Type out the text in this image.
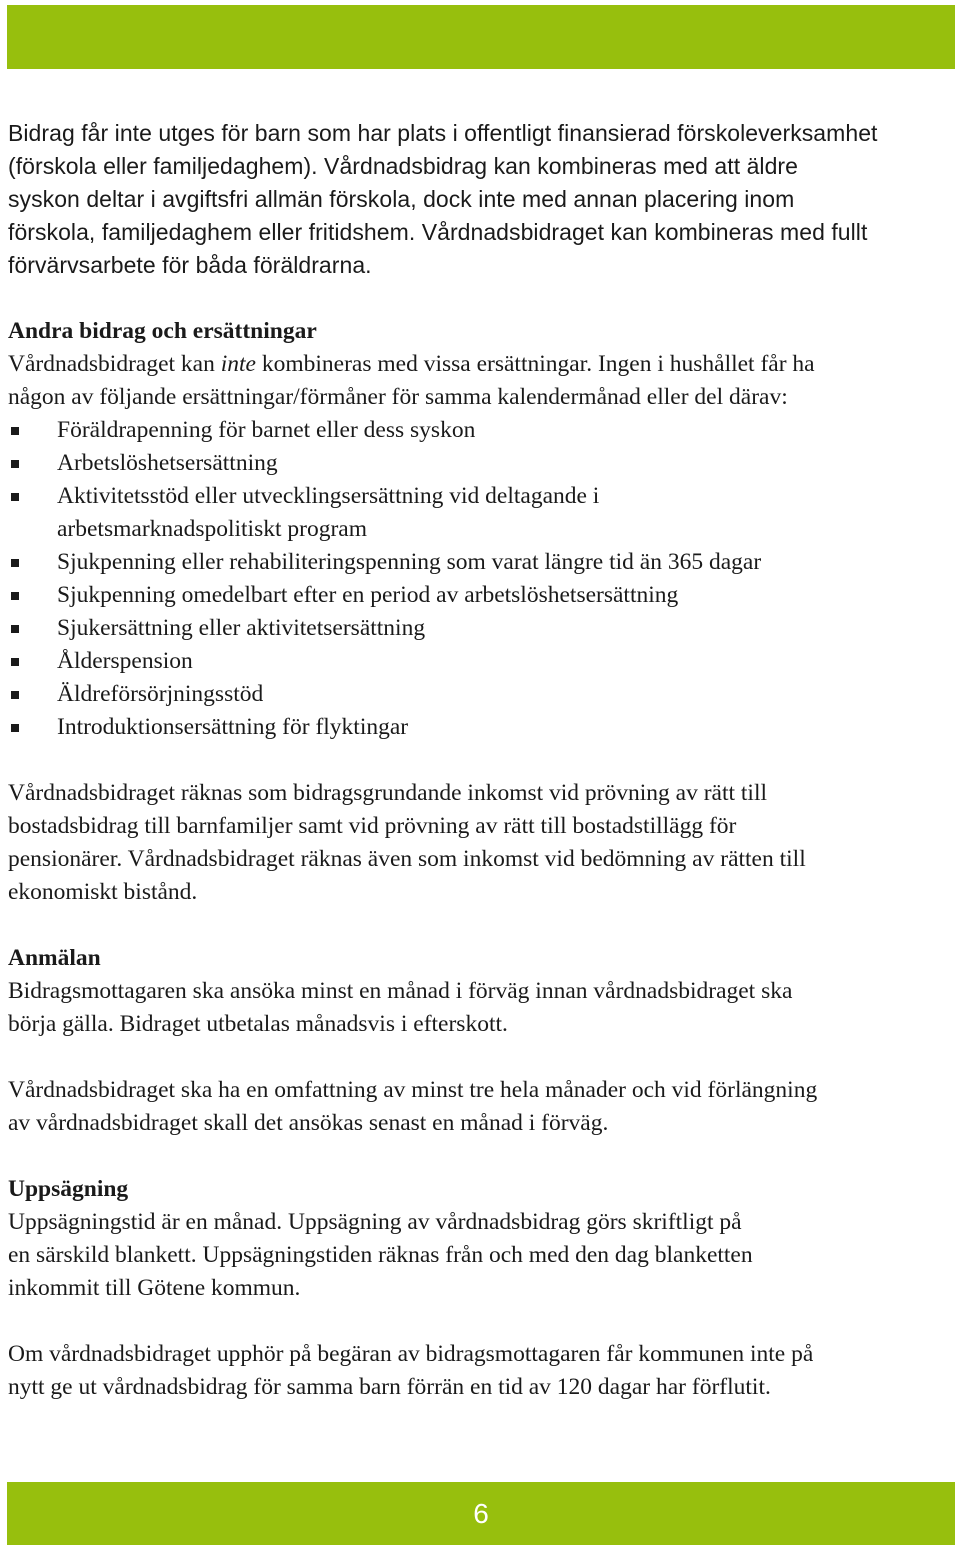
Bidrag får inte utges för barn som har plats i offentligt finansierad förskoleverksamhet

(förskola eller familjedaghem). Vårdnadsbidrag kan kombineras med att äldre

syskon deltar i avgiftsfri allmän förskola, dock inte med annan placering inom

förskola, familjedaghem eller fritidshem. Vårdnadsbidraget kan kombineras med fullt

förvärvsarbete för båda föräldrarna.

Andra bidrag och ersättningar

Vårdnadsbidraget kan inte kombineras med vissa ersättningar. Ingen i hushållet får ha

någon av följande ersättningar/förmåner för samma kalendermånad eller del därav:

Föräldrapenning för barnet eller dess syskon
Arbetslöshetsersättning
Aktivitetsstöd eller utvecklingsersättning vid deltagande i
arbetsmarknadspolitiskt program
Sjukpenning eller rehabiliteringspenning som varat längre tid än 365 dagar
Sjukpenning omedelbart efter en period av arbetslöshetsersättning
Sjukersättning eller aktivitetsersättning
Ålderspension
Äldreförsörjningsstöd
Introduktionsersättning för flyktingar

Vårdnadsbidraget räknas som bidragsgrundande inkomst vid prövning av rätt till

bostadsbidrag till barnfamiljer samt vid prövning av rätt till bostadstillägg för

pensionärer. Vårdnadsbidraget räknas även som inkomst vid bedömning av rätten till

ekonomiskt bistånd.

Anmälan

Bidragsmottagaren ska ansöka minst en månad i förväg innan vårdnadsbidraget ska

börja gälla. Bidraget utbetalas månadsvis i efterskott.

Vårdnadsbidraget ska ha en omfattning av minst tre hela månader och vid förlängning

av vårdnadsbidraget skall det ansökas senast en månad i förväg.

Uppsägning

Uppsägningstid är en månad. Uppsägning av vårdnadsbidrag görs skriftligt på

en särskild blankett. Uppsägningstiden räknas från och med den dag blanketten

inkommit till Götene kommun.

Om vårdnadsbidraget upphör på begäran av bidragsmottagaren får kommunen inte på

nytt ge ut vårdnadsbidrag för samma barn förrän en tid av 120 dagar har förflutit.

6
